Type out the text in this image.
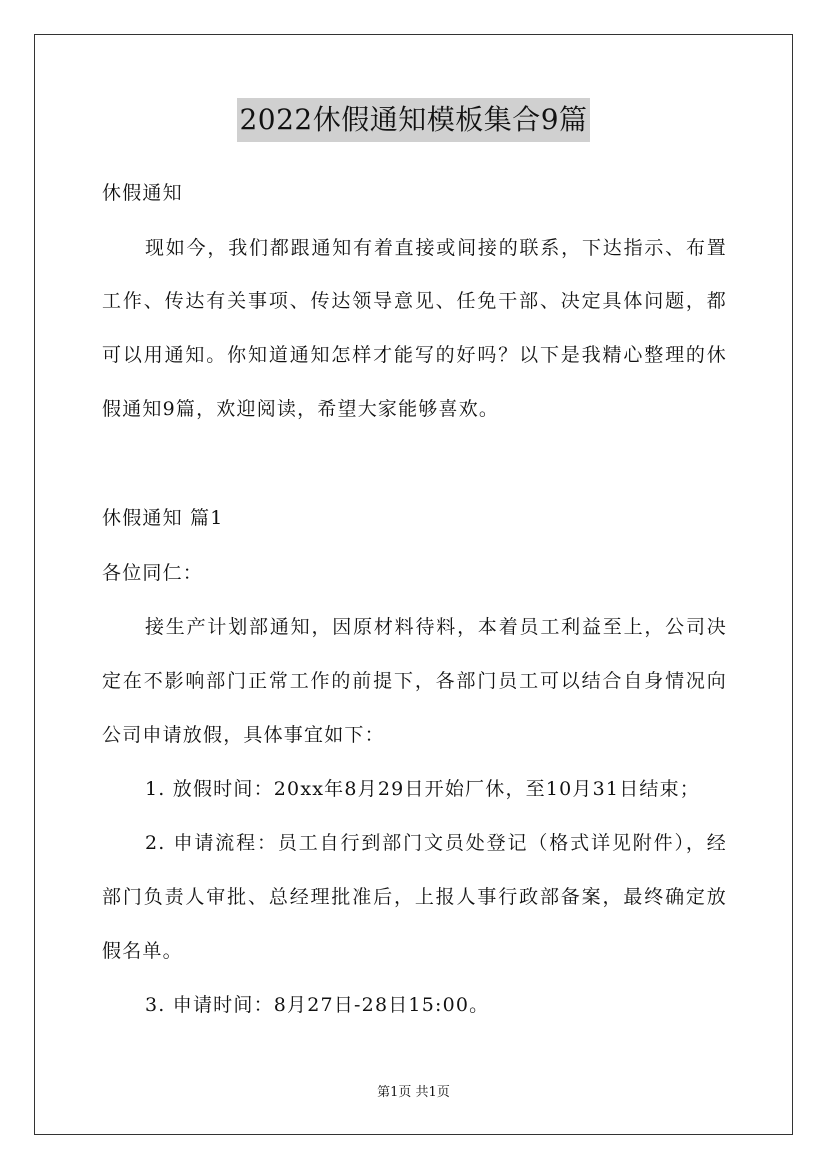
2022休假通知模板集合9篇
休假通知
现如今，我们都跟通知有着直接或间接的联系，下达指示、布置
工作、传达有关事项、传达领导意见、任免干部、决定具体问题，都
可以用通知。你知道通知怎样才能写的好吗？以下是我精心整理的休
假通知9篇，欢迎阅读，希望大家能够喜欢。
休假通知 篇1
各位同仁：
接生产计划部通知，因原材料待料，本着员工利益至上，公司决
定在不影响部门正常工作的前提下，各部门员工可以结合自身情况向
公司申请放假，具体事宜如下：
1. 放假时间：20xx年8月29日开始厂休，至10月31日结束；
2. 申请流程：员工自行到部门文员处登记（格式详见附件），经
部门负责人审批、总经理批准后，上报人事行政部备案，最终确定放
假名单。
3. 申请时间：8月27日-28日15:00。
第1页 共1页
